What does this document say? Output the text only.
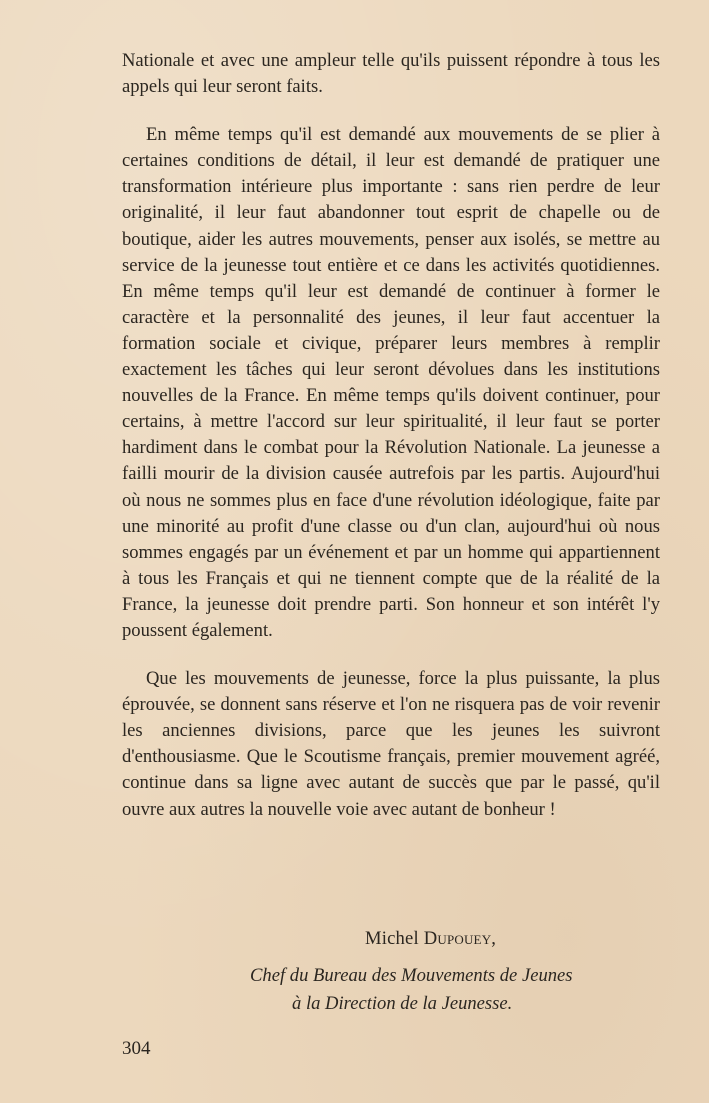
Nationale et avec une ampleur telle qu'ils puissent répondre à tous les appels qui leur seront faits.

En même temps qu'il est demandé aux mouvements de se plier à certaines conditions de détail, il leur est demandé de pratiquer une transformation intérieure plus importante : sans rien perdre de leur originalité, il leur faut abandonner tout esprit de chapelle ou de boutique, aider les autres mouvements, penser aux isolés, se mettre au service de la jeunesse tout entière et ce dans les activités quotidiennes. En même temps qu'il leur est demandé de continuer à former le caractère et la personnalité des jeunes, il leur faut accentuer la formation sociale et civique, préparer leurs membres à remplir exactement les tâches qui leur seront dévolues dans les institutions nouvelles de la France. En même temps qu'ils doivent continuer, pour certains, à mettre l'accord sur leur spiritualité, il leur faut se porter hardiment dans le combat pour la Révolution Nationale. La jeunesse a failli mourir de la division causée autrefois par les partis. Aujourd'hui où nous ne sommes plus en face d'une révolution idéologique, faite par une minorité au profit d'une classe ou d'un clan, aujourd'hui où nous sommes engagés par un événement et par un homme qui appartiennent à tous les Français et qui ne tiennent compte que de la réalité de la France, la jeunesse doit prendre parti. Son honneur et son intérêt l'y poussent également.

Que les mouvements de jeunesse, force la plus puissante, la plus éprouvée, se donnent sans réserve et l'on ne risquera pas de voir revenir les anciennes divisions, parce que les jeunes les suivront d'enthousiasme. Que le Scoutisme français, premier mouvement agréé, continue dans sa ligne avec autant de succès que par le passé, qu'il ouvre aux autres la nouvelle voie avec autant de bonheur !

Michel Dupouey,
Chef du Bureau des Mouvements de Jeunes
à la Direction de la Jeunesse.
304
